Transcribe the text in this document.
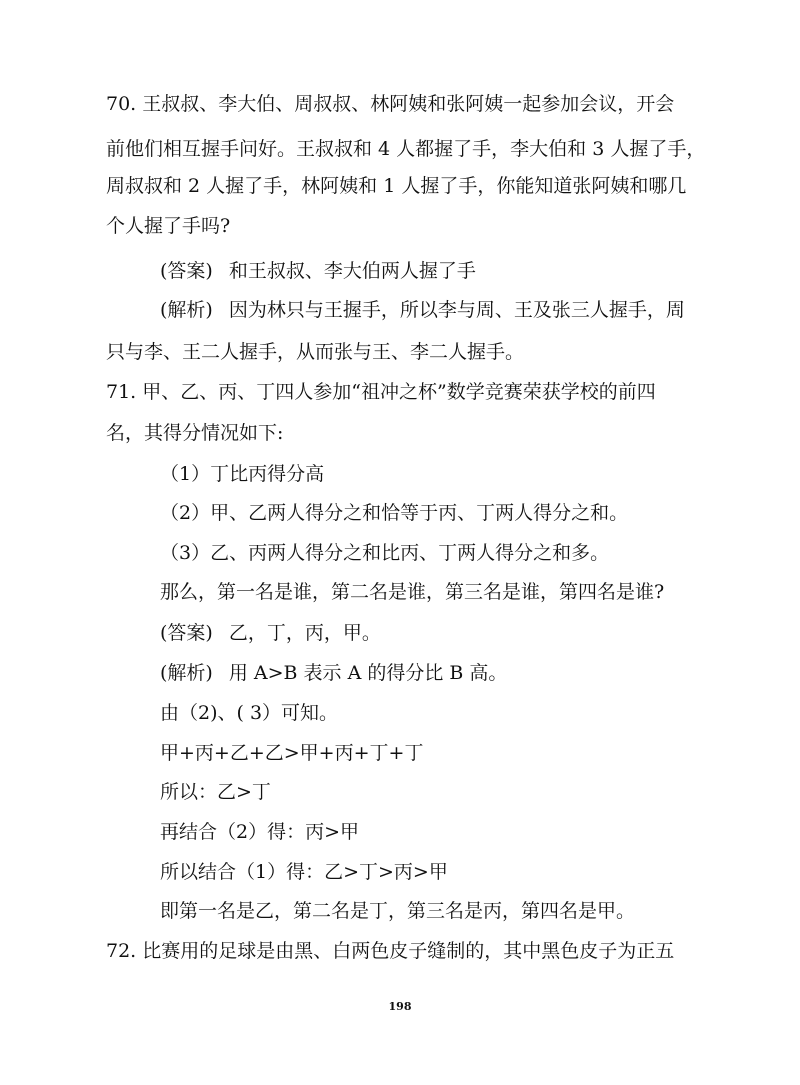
70. 王叔叔、李大伯、周叔叔、林阿姨和张阿姨一起参加会议，开会
前他们相互握手问好。王叔叔和 4 人都握了手，李大伯和 3 人握了手，
周叔叔和 2 人握了手，林阿姨和 1 人握了手，你能知道张阿姨和哪几
个人握了手吗?
(答案) 和王叔叔、李大伯两人握了手
(解析) 因为林只与王握手，所以李与周、王及张三人握手，周
只与李、王二人握手，从而张与王、李二人握手。
71. 甲、乙、丙、丁四人参加“祖冲之杯”数学竞赛荣获学校的前四
名，其得分情况如下:
（1）丁比丙得分高
（2）甲、乙两人得分之和恰等于丙、丁两人得分之和。
（3）乙、丙两人得分之和比丙、丁两人得分之和多。
那么，第一名是谁，第二名是谁，第三名是谁，第四名是谁?
(答案) 乙，丁，丙，甲。
(解析) 用 A>B 表示 A 的得分比 B 高。
由（2)、( 3）可知。
甲+丙+乙+乙>甲+丙+丁+丁
所以：乙>丁
再结合（2）得：丙>甲
所以结合（1）得：乙>丁>丙>甲
即第一名是乙，第二名是丁，第三名是丙，第四名是甲。
72. 比赛用的足球是由黑、白两色皮子缝制的，其中黑色皮子为正五
198
